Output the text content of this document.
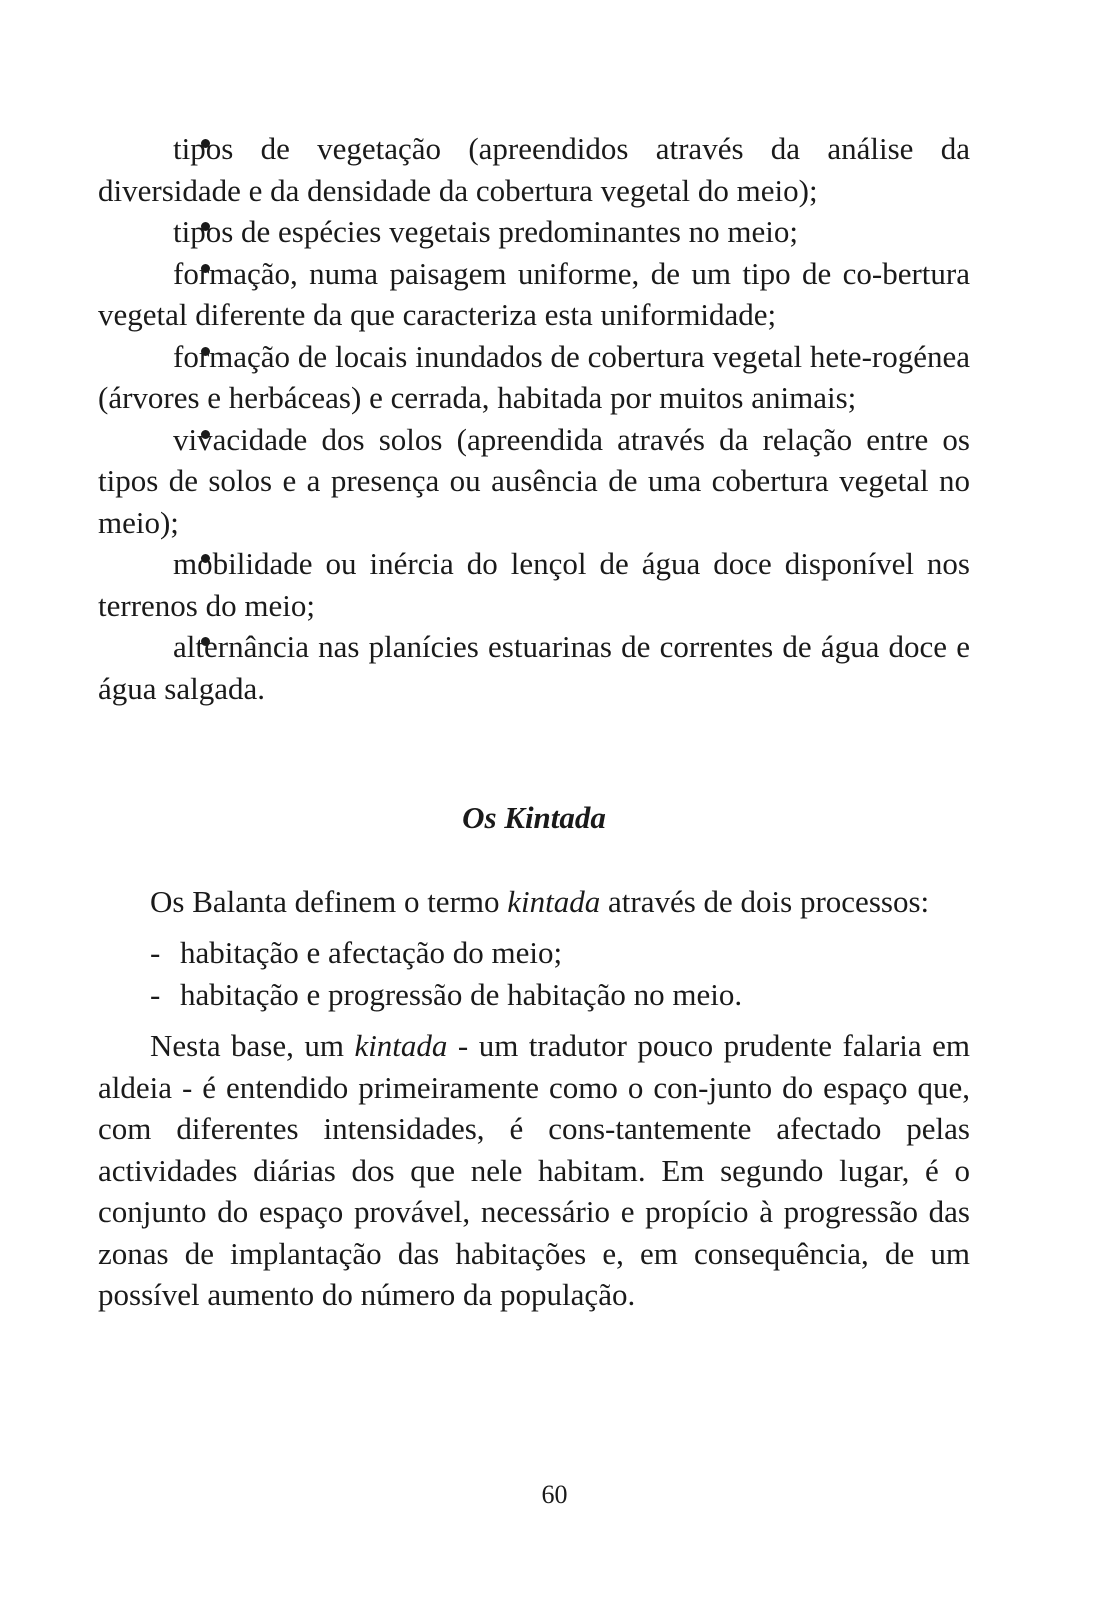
tipos de vegetação (apreendidos através da análise da diversidade e da densidade da cobertura vegetal do meio);

tipos de espécies vegetais predominantes no meio;

formação, numa paisagem uniforme, de um tipo de co-bertura vegetal diferente da que caracteriza esta uniformidade;

formação de locais inundados de cobertura vegetal hete-rogénea (árvores e herbáceas) e cerrada, habitada por muitos animais;

vivacidade dos solos (apreendida através da relação entre os tipos de solos e a presença ou ausência de uma cobertura vegetal no meio);

mobilidade ou inércia do lençol de água doce disponível nos terrenos do meio;

alternância nas planícies estuarinas de correntes de água doce e água salgada.

Os Kintada

Os Balanta definem o termo kintada através de dois processos:

- habitação e afectação do meio;
- habitação e progressão de habitação no meio.

Nesta base, um kintada - um tradutor pouco prudente falaria em aldeia - é entendido primeiramente como o con-junto do espaço que, com diferentes intensidades, é cons-tantemente afectado pelas actividades diárias dos que nele habitam. Em segundo lugar, é o conjunto do espaço provável, necessário e propício à progressão das zonas de implantação das habitações e, em consequência, de um possível aumento do número da população.

60
